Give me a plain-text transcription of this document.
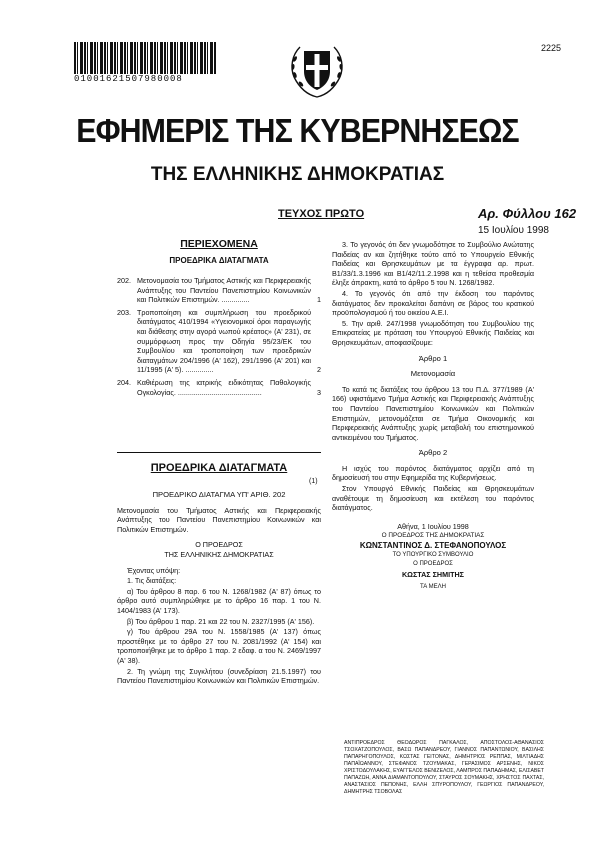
01001621507980008
2225
ΕΦΗΜΕΡΙΣ ΤΗΣ ΚΥΒΕΡΝΗΣΕΩΣ
ΤΗΣ ΕΛΛΗΝΙΚΗΣ ΔΗΜΟΚΡΑΤΙΑΣ
ΤΕΥΧΟΣ ΠΡΩΤΟ	Αρ. Φύλλου 162
15 Ιουλίου 1998
ΠΕΡΙΕΧΟΜΕΝΑ
ΠΡΟΕΔΡΙΚΑ ΔΙΑΤΑΓΜΑΤΑ
202. Μετονομασία του Τμήματος Αστικής και Περιφερειακής Ανάπτυξης του Παντείου Πανεπιστημίου Κοινωνικών και Πολιτικών Επιστημών. ..............	1
203. Τροποποίηση και συμπλήρωση του προεδρικού διατάγματος 410/1994 «Υγειονομικοί όροι παραγωγής και διάθεσης στην αγορά νωπού κρέατος» (Α' 231), σε συμμόρφωση προς την Οδηγία 95/23/ΕΚ του Συμβουλίου και τροποποίηση των προεδρικών διαταγμάτων 204/1996 (Α' 162), 291/1996 (Α' 201) και 11/1995 (Α' 5). ..............	2
204. Καθιέρωση της ιατρικής ειδικότητας Παθολογικής Ογκολογίας. ..........................................	3
ΠΡΟΕΔΡΙΚΑ ΔΙΑΤΑΓΜΑΤΑ
(1)

ΠΡΟΕΔΡΙΚΟ ΔΙΑΤΑΓΜΑ ΥΠ' ΑΡΙΘ. 202

Μετονομασία του Τμήματος Αστικής και Περιφερειακής Ανάπτυξης του Παντείου Πανεπιστημίου Κοινωνικών και Πολιτικών Επιστημών.

Ο ΠΡΟΕΔΡΟΣ

ΤΗΣ ΕΛΛΗΝΙΚΗΣ ΔΗΜΟΚΡΑΤΙΑΣ

Έχοντας υπόψη:

1. Τις διατάξεις:

α) Του άρθρου 8 παρ. 6 του Ν. 1268/1982 (Α' 87) όπως το άρθρο αυτό συμπληρώθηκε με το άρθρο 16 παρ. 1 του Ν. 1404/1983 (Α' 173).

β) Του άρθρου 1 παρ. 21 και 22 του Ν. 2327/1995 (Α' 156).

γ) Του άρθρου 29Α του Ν. 1558/1985 (Α' 137) όπως προστέθηκε με το άρθρο 27 του Ν. 2081/1992 (Α' 154) και τροποποιήθηκε με το άρθρο 1 παρ. 2 εδαφ. α του Ν. 2469/1997 (Α' 38).

2. Τη γνώμη της Συγκλήτου (συνεδρίαση 21.5.1997) του Παντείου Πανεπιστημίου Κοινωνικών και Πολιτικών Επιστημών.

3. Το γεγονός ότι δεν γνωμοδότησε το Συμβούλιο Ανώτατης Παιδείας αν και ζητήθηκε τούτο από το Υπουργείο Εθνικής Παιδείας και Θρησκευμάτων με τα έγγραφα αρ. πρωτ. Β1/33/1.3.1996 και Β1/42/11.2.1998 και η τεθείσα προθεσμία έληξε άπρακτη, κατά το άρθρο 5 του Ν. 1268/1982.

4. Το γεγονός ότι από την έκδοση του παρόντος διατάγματος δεν προκαλείται δαπάνη σε βάρος του κρατικού προϋπολογισμού ή του οικείου Α.Ε.Ι.

5. Την αριθ. 247/1998 γνωμοδότηση του Συμβουλίου της Επικρατείας με πρόταση του Υπουργού Εθνικής Παιδείας και Θρησκευμάτων, αποφασίζουμε:

Άρθρο 1

Μετονομασία

Το κατά τις διατάξεις του άρθρου 13 του Π.Δ. 377/1989 (Α' 166) υφιστάμενο Τμήμα Αστικής και Περιφερειακής Ανάπτυξης του Παντείου Πανεπιστημίου Κοινωνικών και Πολιτικών Επιστημών, μετονομάζεται σε Τμήμα Οικονομικής και Περιφερειακής Ανάπτυξης χωρίς μεταβολή του επιστημονικού αντικειμένου του Τμήματος.

Άρθρο 2

Η ισχύς του παρόντος διατάγματος αρχίζει από τη δημοσίευσή του στην Εφημερίδα της Κυβερνήσεως.

Στον Υπουργό Εθνικής Παιδείας και Θρησκευμάτων αναθέτουμε τη δημοσίευση και εκτέλεση του παρόντος διατάγματος.

Αθήνα, 1 Ιουλίου 1998

Ο ΠΡΟΕΔΡΟΣ ΤΗΣ ΔΗΜΟΚΡΑΤΙΑΣ

ΚΩΝΣΤΑΝΤΙΝΟΣ Δ. ΣΤΕΦΑΝΟΠΟΥΛΟΣ

ΤΟ ΥΠΟΥΡΓΙΚΟ ΣΥΜΒΟΥΛΙΟ

Ο ΠΡΟΕΔΡΟΣ

ΚΩΣΤΑΣ ΣΗΜΙΤΗΣ

ΤΑ ΜΕΛΗ

ΑΝΤΙΠΡΟΕΔΡΟΣ ΘΕΟΔΩΡΟΣ ΠΑΓΚΑΛΟΣ, ΑΠΟΣΤΟΛΟΣ-ΑΘΑΝΑΣΙΟΣ ΤΣΟΧΑΤΖΟΠΟΥΛΟΣ, ΒΑΣΩ ΠΑΠΑΝΔΡΕΟΥ, ΓΙΑΝΝΟΣ ΠΑΠΑΝΤΩΝΙΟΥ, ΒΑΣΙΛΗΣ ΠΑΠΑΡΗΓΟΠΟΥΛΟΣ, ΚΩΣΤΑΣ ΓΕΙΤΟΝΑΣ, ΔΗΜΗΤΡΙΟΣ ΡΕΠΠΑΣ, ΜΙΛΤΙΑΔΗΣ ΠΑΠΑΪΩΑΝΝΟΥ, ΣΤΕΦΑΝΟΣ ΤΖΟΥΜΑΚΑΣ, ΓΕΡΑΣΙΜΟΣ ΑΡΣΕΝΗΣ, ΝΙΚΟΣ ΧΡΙΣΤΟΔΟΥΛΑΚΗΣ, ΕΥΑΓΓΕΛΟΣ ΒΕΝΙΖΕΛΟΣ, ΛΑΜΠΡΟΣ ΠΑΠΑΔΗΜΑΣ, ΕΛΙΣΑΒΕΤ ΠΑΠΑΖΩΗ, ΑΝΝΑ ΔΙΑΜΑΝΤΟΠΟΥΛΟΥ, ΣΤΑΥΡΟΣ ΣΟΥΜΑΚΗΣ, ΧΡΗΣΤΟΣ ΠΑΧΤΑΣ, ΑΝΑΣΤΑΣΙΟΣ ΠΕΠΟΝΗΣ, ΕΛΛΗ ΣΠΥΡΟΠΟΥΛΟΥ, ΓΕΩΡΓΙΟΣ ΠΑΠΑΝΔΡΕΟΥ, ΔΗΜΗΤΡΗΣ ΤΣΟΒΟΛΑΣ
